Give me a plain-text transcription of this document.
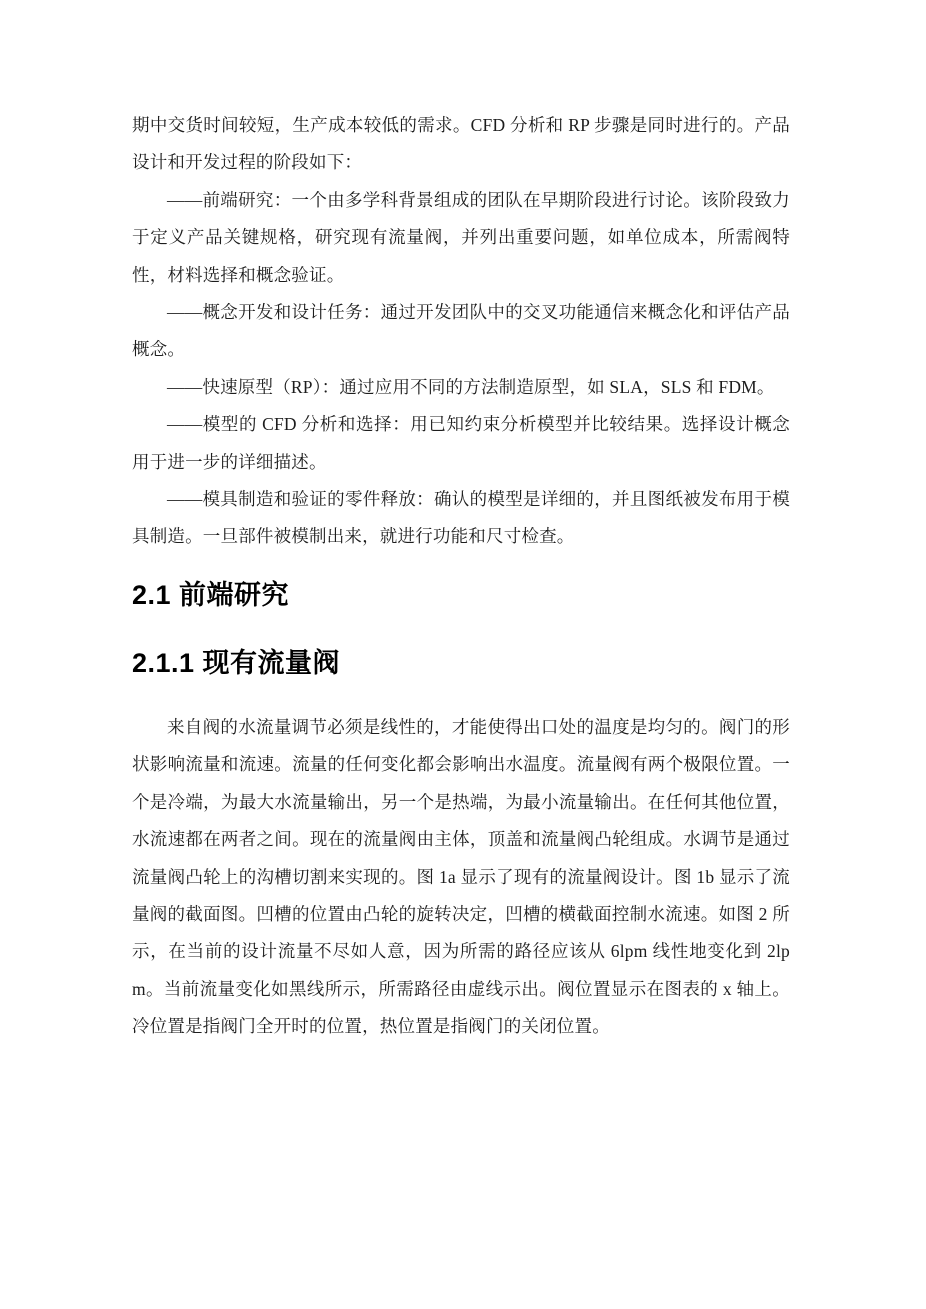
期中交货时间较短，生产成本较低的需求。CFD 分析和 RP 步骤是同时进行的。产品设计和开发过程的阶段如下：

——前端研究：一个由多学科背景组成的团队在早期阶段进行讨论。该阶段致力于定义产品关键规格，研究现有流量阀，并列出重要问题，如单位成本，所需阀特性，材料选择和概念验证。

——概念开发和设计任务：通过开发团队中的交叉功能通信来概念化和评估产品概念。

——快速原型（RP）：通过应用不同的方法制造原型，如 SLA，SLS 和 FDM。

——模型的 CFD 分析和选择：用已知约束分析模型并比较结果。选择设计概念用于进一步的详细描述。

——模具制造和验证的零件释放：确认的模型是详细的，并且图纸被发布用于模具制造。一旦部件被模制出来，就进行功能和尺寸检查。

2.1 前端研究
2.1.1 现有流量阀

来自阀的水流量调节必须是线性的，才能使得出口处的温度是均匀的。阀门的形状影响流量和流速。流量的任何变化都会影响出水温度。流量阀有两个极限位置。一个是冷端，为最大水流量输出，另一个是热端，为最小流量输出。在任何其他位置，水流速都在两者之间。现在的流量阀由主体，顶盖和流量阀凸轮组成。水调节是通过流量阀凸轮上的沟槽切割来实现的。图 1a 显示了现有的流量阀设计。图 1b 显示了流量阀的截面图。凹槽的位置由凸轮的旋转决定，凹槽的横截面控制水流速。如图 2 所示，在当前的设计流量不尽如人意，因为所需的路径应该从 6lpm 线性地变化到 2lpm。当前流量变化如黑线所示，所需路径由虚线示出。阀位置显示在图表的 x 轴上。冷位置是指阀门全开时的位置，热位置是指阀门的关闭位置。
